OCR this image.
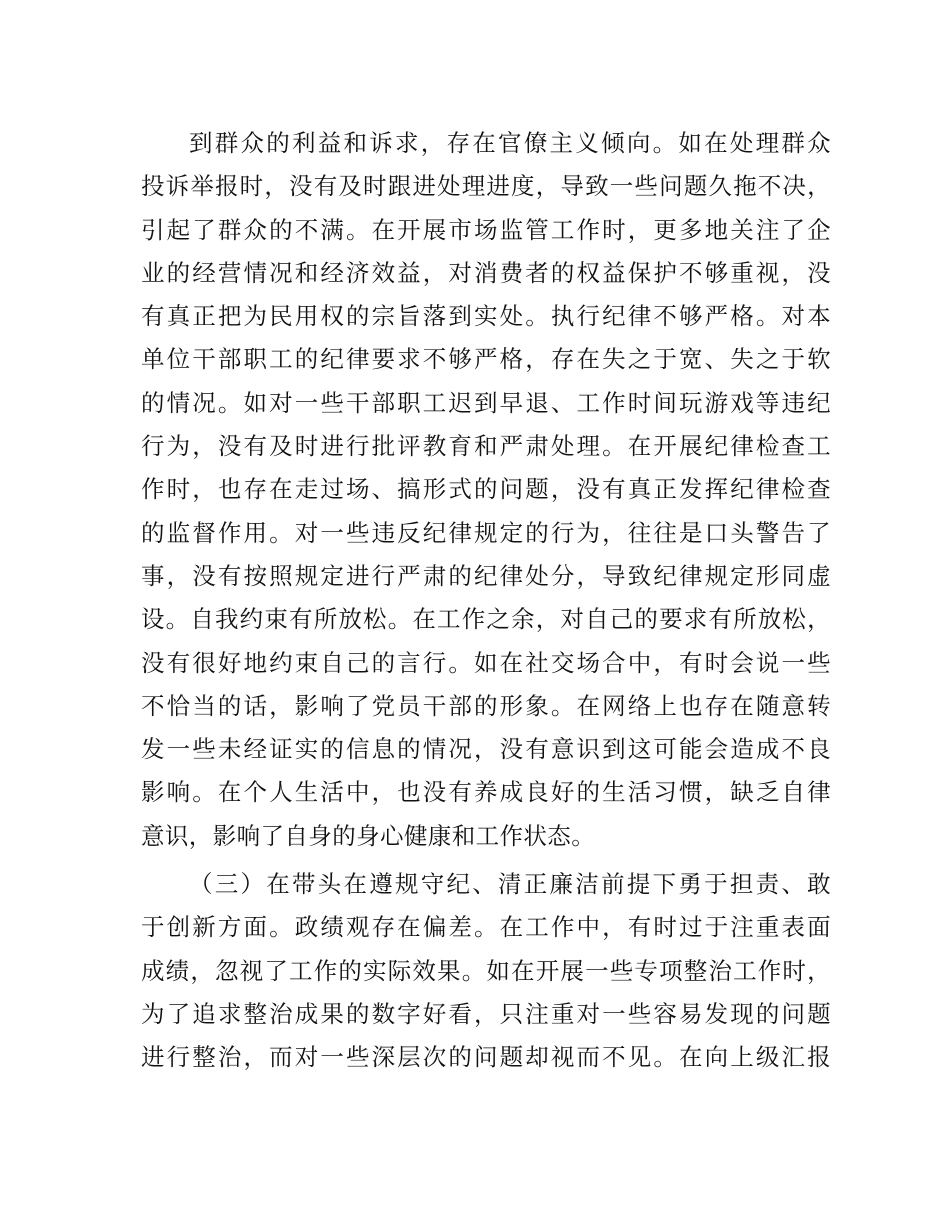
到群众的利益和诉求，存在官僚主义倾向。如在处理群众
投诉举报时，没有及时跟进处理进度，导致一些问题久拖不决，
引起了群众的不满。在开展市场监管工作时，更多地关注了企
业的经营情况和经济效益，对消费者的权益保护不够重视，没
有真正把为民用权的宗旨落到实处。执行纪律不够严格。对本
单位干部职工的纪律要求不够严格，存在失之于宽、失之于软
的情况。如对一些干部职工迟到早退、工作时间玩游戏等违纪
行为，没有及时进行批评教育和严肃处理。在开展纪律检查工
作时，也存在走过场、搞形式的问题，没有真正发挥纪律检查
的监督作用。对一些违反纪律规定的行为，往往是口头警告了
事，没有按照规定进行严肃的纪律处分，导致纪律规定形同虚
设。自我约束有所放松。在工作之余，对自己的要求有所放松，
没有很好地约束自己的言行。如在社交场合中，有时会说一些
不恰当的话，影响了党员干部的形象。在网络上也存在随意转
发一些未经证实的信息的情况，没有意识到这可能会造成不良
影响。在个人生活中，也没有养成良好的生活习惯，缺乏自律
意识，影响了自身的身心健康和工作状态。
（三）在带头在遵规守纪、清正廉洁前提下勇于担责、敢
于创新方面。政绩观存在偏差。在工作中，有时过于注重表面
成绩，忽视了工作的实际效果。如在开展一些专项整治工作时，
为了追求整治成果的数字好看，只注重对一些容易发现的问题
进行整治，而对一些深层次的问题却视而不见。在向上级汇报
